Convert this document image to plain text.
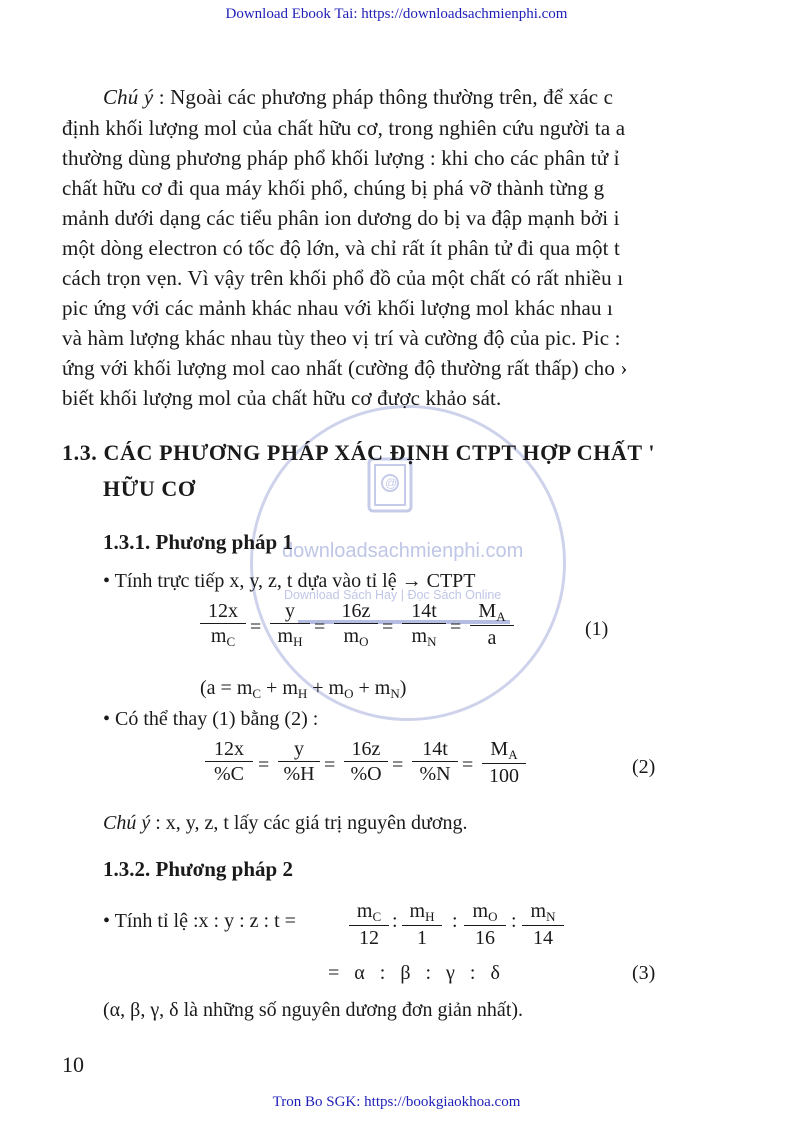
Download Ebook Tai: https://downloadsachmienphi.com
Tron Bo SGK: https://bookgiaokhoa.com
@
downloadsachmienphi.com
Download Sách Hay | Đọc Sách Online
Chú ý : Ngoài các phương pháp thông thường trên, để xác c
định khối lượng mol của chất hữu cơ, trong nghiên cứu người ta a
thường dùng phương pháp phổ khối lượng : khi cho các phân tử ỉ
chất hữu cơ đi qua máy khối phổ, chúng bị phá vỡ thành từng g
mảnh dưới dạng các tiểu phân ion dương do bị va đập mạnh bởi i
một dòng electron có tốc độ lớn, và chỉ rất ít phân tử đi qua một t
cách trọn vẹn. Vì vậy trên khối phổ đồ của một chất có rất nhiều ı
pic ứng với các mảnh khác nhau với khối lượng mol khác nhau ı
và hàm lượng khác nhau tùy theo vị trí và cường độ của pic. Pic :
ứng với khối lượng mol cao nhất (cường độ thường rất thấp) cho ›
biết khối lượng mol của chất hữu cơ được khảo sát.
1.3. CÁC PHƯƠNG PHÁP XÁC ĐỊNH CTPT HỢP CHẤT '
HỮU CƠ
1.3.1. Phương pháp 1
• Tính trực tiếp x, y, z, t dựa vào tỉ lệ → CTPT
$\frac{12x}{m_C} = \frac{y}{m_H} = \frac{16z}{m_O} = \frac{14t}{m_N} = \frac{M_A}{a}$	(1)
$(a = m_C + m_H + m_O + m_N)$
• Có thể thay (1) bằng (2) :
$\frac{12x}{\%C} = \frac{y}{\%H} = \frac{16z}{\%O} = \frac{14t}{\%N} = \frac{M_A}{100}$	(2)
Chú ý : x, y, z, t lấy các giá trị nguyên dương.
1.3.2. Phương pháp 2
• Tính tỉ lệ :x : y : z : t =	$\frac{m_C}{12}$ : $\frac{m_H}{1}$ : $\frac{m_O}{16}$ : $\frac{m_N}{14}$
=   α   :   β   :   γ   :   δ	(3)
(α, β, γ, δ là những số nguyên dương đơn giản nhất).
10
